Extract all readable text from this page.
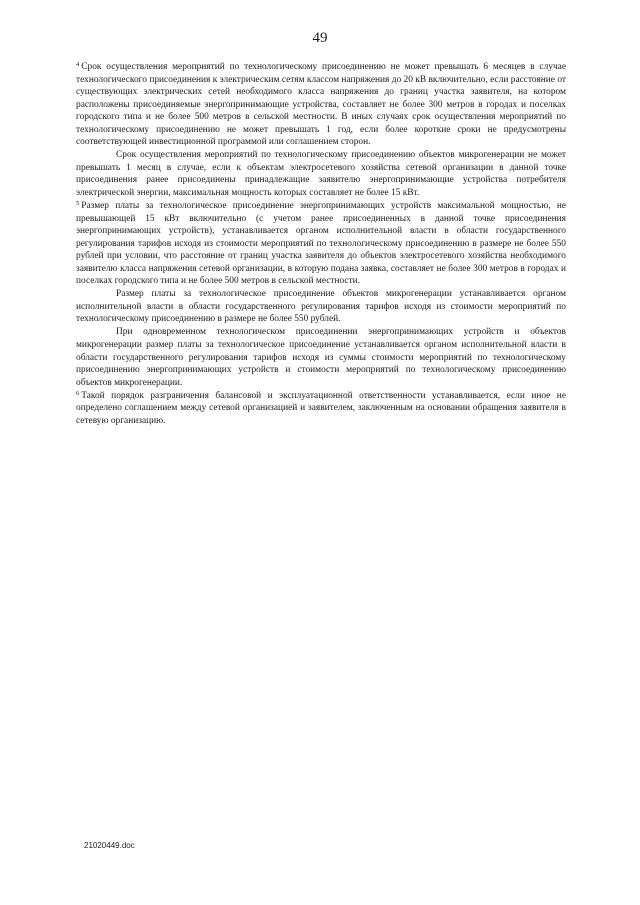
49

$^4$ Срок осуществления мероприятий по технологическому присоединению не может превышать 6 месяцев в случае технологического присоединения к электрическим сетям классом напряжения до 20 кВ включительно, если расстояние от существующих электрических сетей необходимого класса напряжения до границ участка заявителя, на котором расположены присоединяемые энергопринимающие устройства, составляет не более 300 метров в городах и поселках городского типа и не более 500 метров в сельской местности. В иных случаях срок осуществления мероприятий по технологическому присоединению не может превышать 1 год, если более короткие сроки не предусмотрены соответствующей инвестиционной программой или соглашением сторон.

Срок осуществления мероприятий по технологическому присоединению объектов микрогенерации не может превышать 1 месяц в случае, если к объектам электросетевого хозяйства сетевой организации в данной точке присоединения ранее присоединены принадлежащие заявителю энергопринимающие устройства потребителя электрической энергии, максимальная мощность которых составляет не более 15 кВт.

$^5$ Размер платы за технологическое присоединение энергопринимающих устройств максимальной мощностью, не превышающей 15 кВт включительно (с учетом ранее присоединенных в данной точке присоединения энергопринимающих устройств), устанавливается органом исполнительной власти в области государственного регулирования тарифов исходя из стоимости мероприятий по технологическому присоединению в размере не более 550 рублей при условии, что расстояние от границ участка заявителя до объектов электросетевого хозяйства необходимого заявителю класса напряжения сетевой организации, в которую подана заявка, составляет не более 300 метров в городах и поселках городского типа и не более 500 метров в сельской местности.

Размер платы за технологическое присоединение объектов микрогенерации устанавливается органом исполнительной власти в области государственного регулирования тарифов исходя из стоимости мероприятий по технологическому присоединению в размере не более 550 рублей.

При одновременном технологическом присоединении энергопринимающих устройств и объектов микрогенерации размер платы за технологическое присоединение устанавливается органом исполнительной власти в области государственного регулирования тарифов исходя из суммы стоимости мероприятий по технологическому присоединению энергопринимающих устройств и стоимости мероприятий по технологическому присоединению объектов микрогенерации.

$^6$ Такой порядок разграничения балансовой и эксплуатационной ответственности устанавливается, если иное не определено соглашением между сетевой организацией и заявителем, заключенным на основании обращения заявителя в сетевую организацию.

21020449.doc
